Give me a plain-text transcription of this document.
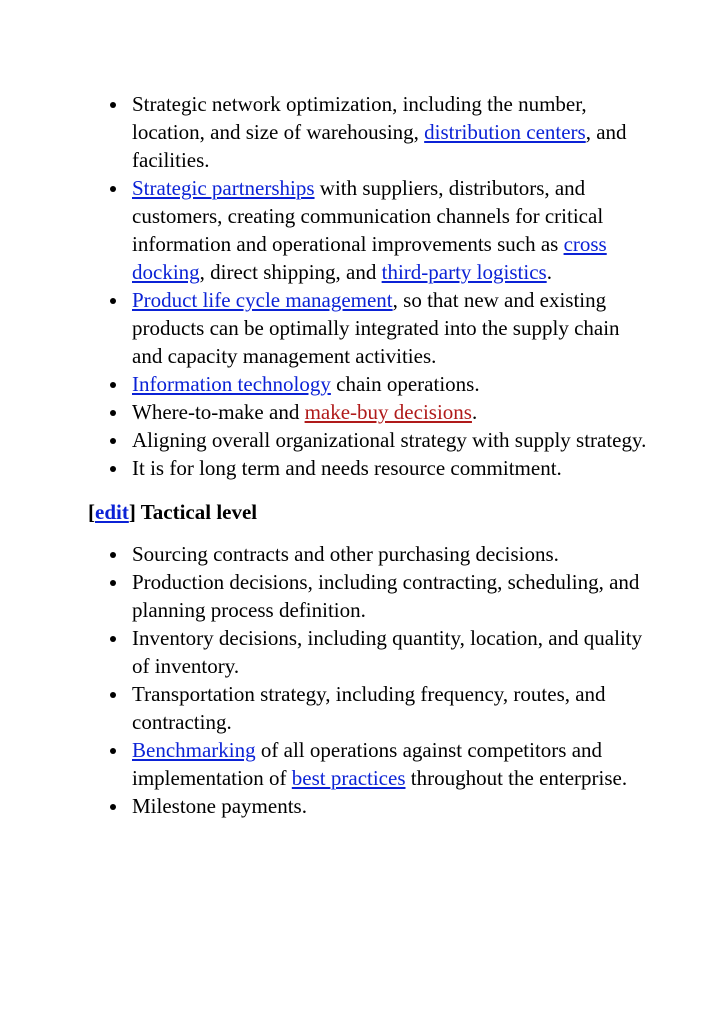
Strategic network optimization, including the number, location, and size of warehousing, distribution centers, and facilities.
Strategic partnerships with suppliers, distributors, and customers, creating communication channels for critical information and operational improvements such as cross docking, direct shipping, and third-party logistics.
Product life cycle management, so that new and existing products can be optimally integrated into the supply chain and capacity management activities.
Information technology chain operations.
Where-to-make and make-buy decisions.
Aligning overall organizational strategy with supply strategy.
It is for long term and needs resource commitment.
[edit] Tactical level
Sourcing contracts and other purchasing decisions.
Production decisions, including contracting, scheduling, and planning process definition.
Inventory decisions, including quantity, location, and quality of inventory.
Transportation strategy, including frequency, routes, and contracting.
Benchmarking of all operations against competitors and implementation of best practices throughout the enterprise.
Milestone payments.
